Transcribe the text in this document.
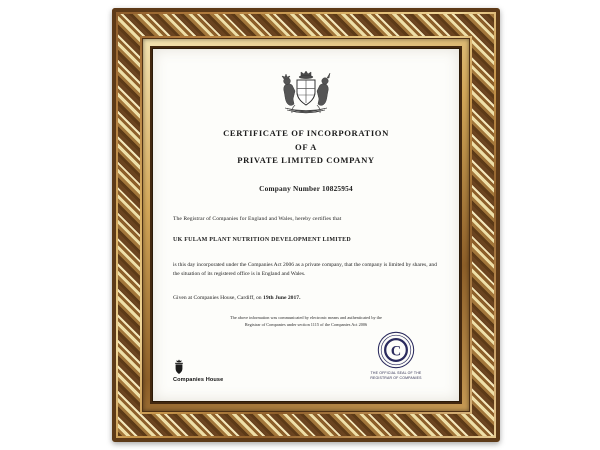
CERTIFICATE OF INCORPORATION
OF A
PRIVATE LIMITED COMPANY
Company Number 10825954

The Registrar of Companies for England and Wales, hereby certifies that

UK FULAM PLANT NUTRITION DEVELOPMENT LIMITED

is this day incorporated under the Companies Act 2006 as a private company, that the company is limited by shares, and the situation of its registered office is in England and Wales.

Given at Companies House, Cardiff, on 19th June 2017.

The above information was communicated by electronic means and authenticated by the
Registrar of Companies under section 1115 of the Companies Act 2006
Companies House
C
THE OFFICIAL SEAL OF THE
REGISTRAR OF COMPANIES
